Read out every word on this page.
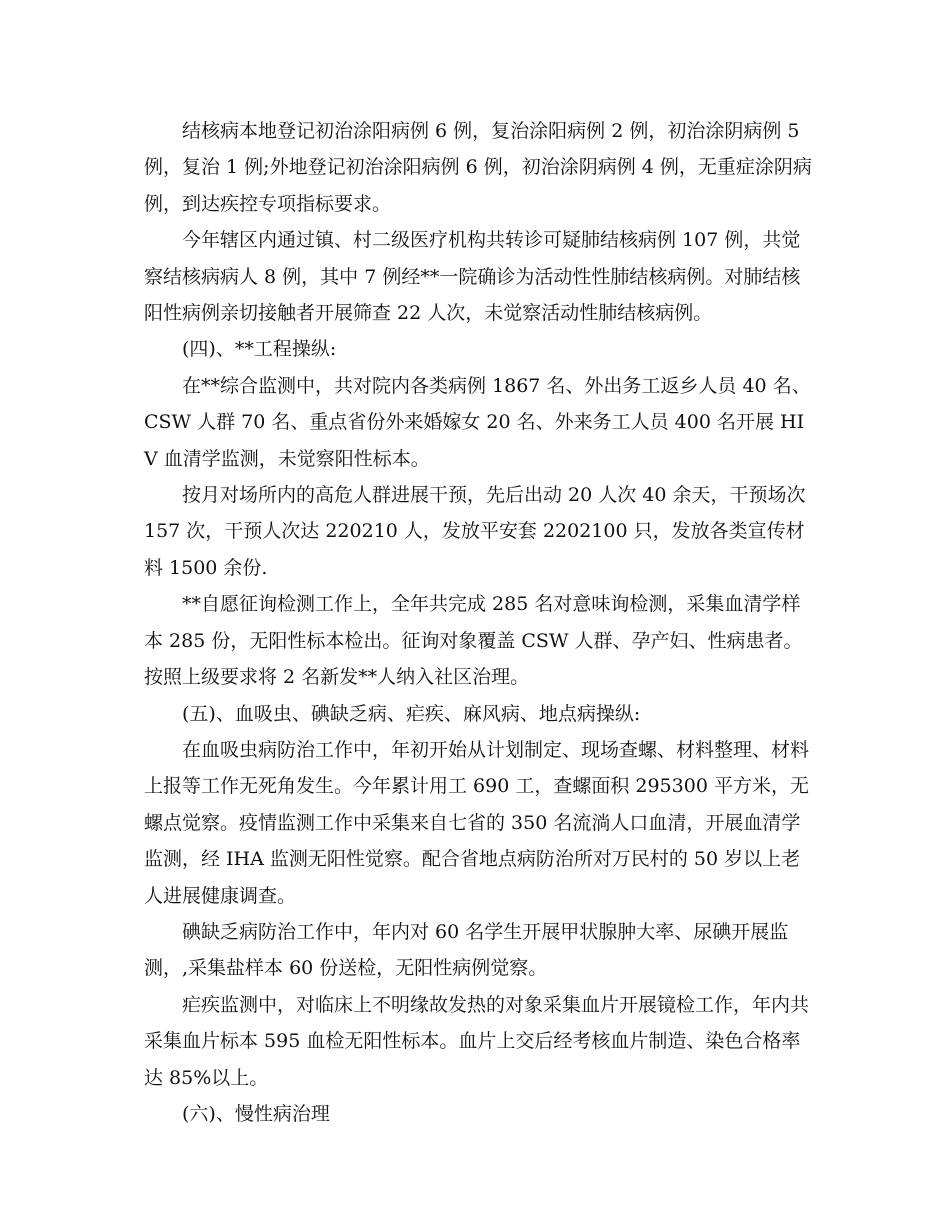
结核病本地登记初治涂阳病例 6 例，复治涂阳病例 2 例，初治涂阴病例 5 例，复治 1 例;外地登记初治涂阳病例 6 例，初治涂阴病例 4 例，无重症涂阴病例，到达疾控专项指标要求。

今年辖区内通过镇、村二级医疗机构共转诊可疑肺结核病例 107 例，共觉察结核病病人 8 例，其中 7 例经**一院确诊为活动性性肺结核病例。对肺结核阳性病例亲切接触者开展筛查 22 人次，未觉察活动性肺结核病例。

(四)、**工程操纵:

在**综合监测中，共对院内各类病例 1867 名、外出务工返乡人员 40 名、CSW 人群 70 名、重点省份外来婚嫁女 20 名、外来务工人员 400 名开展 HIV 血清学监测，未觉察阳性标本。

按月对场所内的高危人群进展干预，先后出动 20 人次 40 余天，干预场次 157 次，干预人次达 220210 人，发放平安套 2202100 只，发放各类宣传材料 1500 余份.

**自愿征询检测工作上，全年共完成 285 名对意味询检测，采集血清学样本 285 份，无阳性标本检出。征询对象覆盖 CSW 人群、孕产妇、性病患者。按照上级要求将 2 名新发**人纳入社区治理。

(五)、血吸虫、碘缺乏病、疟疾、麻风病、地点病操纵:

在血吸虫病防治工作中，年初开始从计划制定、现场查螺、材料整理、材料上报等工作无死角发生。今年累计用工 690 工，查螺面积 295300 平方米，无螺点觉察。疫情监测工作中采集来自七省的 350 名流淌人口血清，开展血清学监测，经 IHA 监测无阳性觉察。配合省地点病防治所对万民村的 50 岁以上老人进展健康调查。

碘缺乏病防治工作中，年内对 60 名学生开展甲状腺肿大率、尿碘开展监测，,采集盐样本 60 份送检，无阳性病例觉察。

疟疾监测中，对临床上不明缘故发热的对象采集血片开展镜检工作，年内共采集血片标本 595 血检无阳性标本。血片上交后经考核血片制造、染色合格率达 85%以上。

(六)、慢性病治理
